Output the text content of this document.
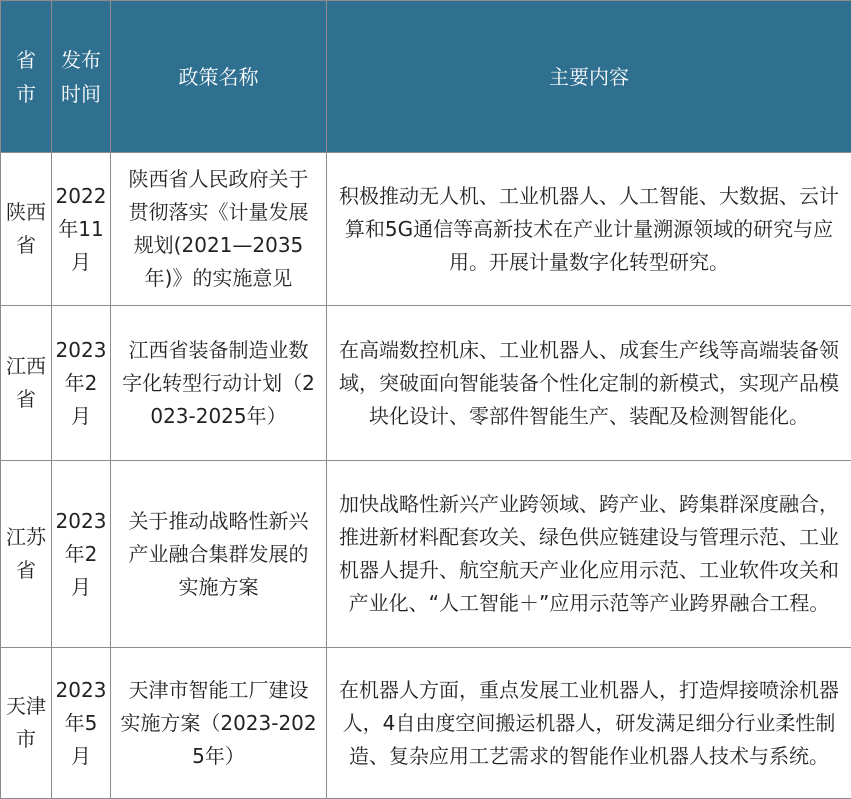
省市	发布时间	政策名称	主要内容
陕西省	2022年11月	陕西省人民政府关于贯彻落实《计量发展规划(2021—2035年)》的实施意见	积极推动无人机、工业机器人、人工智能、大数据、云计算和5G通信等高新技术在产业计量溯源领域的研究与应用。开展计量数字化转型研究。
江西省	2023年2月	江西省装备制造业数字化转型行动计划（2023-2025年）	在高端数控机床、工业机器人、成套生产线等高端装备领域，突破面向智能装备个性化定制的新模式，实现产品模块化设计、零部件智能生产、装配及检测智能化。
江苏省	2023年2月	关于推动战略性新兴产业融合集群发展的实施方案	加快战略性新兴产业跨领域、跨产业、跨集群深度融合，推进新材料配套攻关、绿色供应链建设与管理示范、工业机器人提升、航空航天产业化应用示范、工业软件攻关和产业化、“人工智能＋”应用示范等产业跨界融合工程。
天津市	2023年5月	天津市智能工厂建设实施方案（2023-2025年）	在机器人方面，重点发展工业机器人，打造焊接喷涂机器人，4自由度空间搬运机器人，研发满足细分行业柔性制造、复杂应用工艺需求的智能作业机器人技术与系统。
